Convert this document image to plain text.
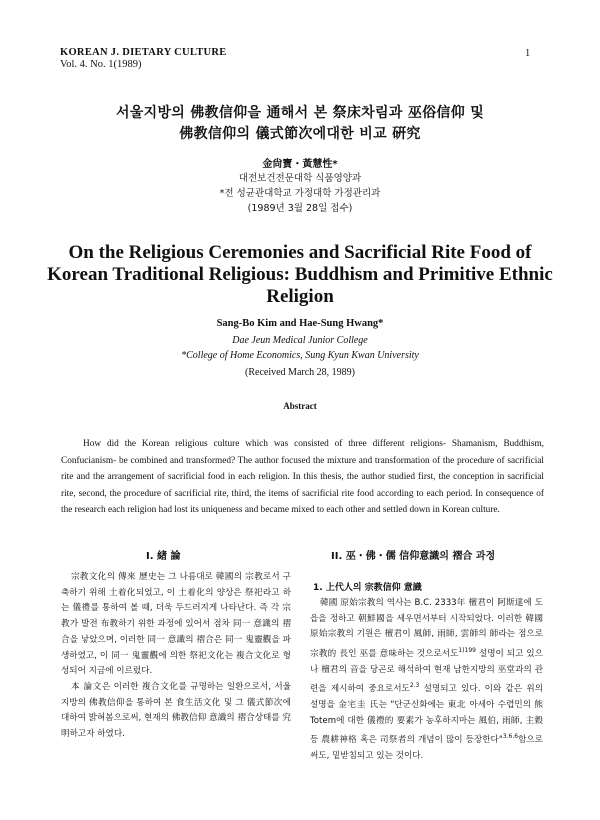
KOREAN J. DIETARY CULTURE
Vol. 4. No. 1(1989)
1
서울지방의 佛教信仰을 通해서 본 祭床차림과 巫俗信仰 및
佛教信仰의 儀式節次에대한 비교 硏究
金尙寶・黃慧性*
대전보건전문대학 식품영양과
*전 성균관대학교 가정대학 가정관리과
(1989년 3월 28일 접수)
On the Religious Ceremonies and Sacrificial Rite Food of
Korean Traditional Religious: Buddhism and Primitive Ethnic
Religion
Sang-Bo Kim and Hae-Sung Hwang*
Dae Jeun Medical Junior College
*College of Home Economics, Sung Kyun Kwan University
(Received March 28, 1989)
Abstract

How did the Korean religious culture which was consisted of three different religions- Shamanism, Buddhism, Confucianism- be combined and transformed? The author focused the mixture and transformation of the procedure of sacrificial rite and the arrangement of sacrificial food in each religion. In this thesis, the author studied first, the conception in sacrificial rite, second, the procedure of sacrificial rite, third, the items of sacrificial rite food according to each period. In consequence of the research each religion had lost its uniqueness and became mixed to each other and settled down in Korean culture.

I. 緖 論

宗教文化의 傳來 歷史는 그 나름대로 韓國의 宗教로서 구축하기 위해 土着化되었고, 이 土着化의 양상은 祭祀라고 하는 儀禮를 통하여 볼 때, 더욱 두드러지게 나타난다. 즉 각 宗教가 발전 布教하기 위한 과정에 있어서 점차 同一 意識의 褶合을 낳았으며, 이러한 同一 意識의 褶合은 同一 鬼靈觀을 파생하였고, 이 同一 鬼靈觀에 의한 祭祀文化는 複合文化로 형성되어 지금에 이르렀다.

本 論文은 이러한 複合文化를 규명하는 일환으로서, 서울지방의 佛教信仰을 통하여 본 食生活文化 및 그 儀式節次에 대하여 밝혀봄으로써, 현재의 佛教信仰 意識의 褶合상태를 究明하고자 하였다.

II. 巫・佛・儒 信仰意識의 褶合 과정
1. 上代人의 宗教信仰 意識

韓國 原始宗教의 역사는 B.C. 2333年 檀君이 阿斯達에 도읍을 정하고 朝鮮國을 세우면서부터 시작되었다. 이러한 韓國 原始宗教의 기원은 檀君이 風師, 雨師, 雲師의 師라는 점으로 宗教的 長인 巫를 意味하는 것으로서도$^{1)199}$ 설명이 되고 있으나 檀君의 音을 당곤로 해석하여 현재 남한지방의 巫堂과의 관련을 제시하여 중요로서도$^{2.3}$ 설명되고 있다. 이와 같은 위의 설명을 金宅圭 氏는 "단군신화에는 東北 아세아 수렵민의 熊 Totem에 대한 儀禮的 要素가 농후하지마는 風伯, 雨師, 主穀 등 農耕神格 혹은 司祭者의 개념이 많이 등장한다"$^{3.6.6}$함으로써도, 밑받침되고 있는 것이다.
